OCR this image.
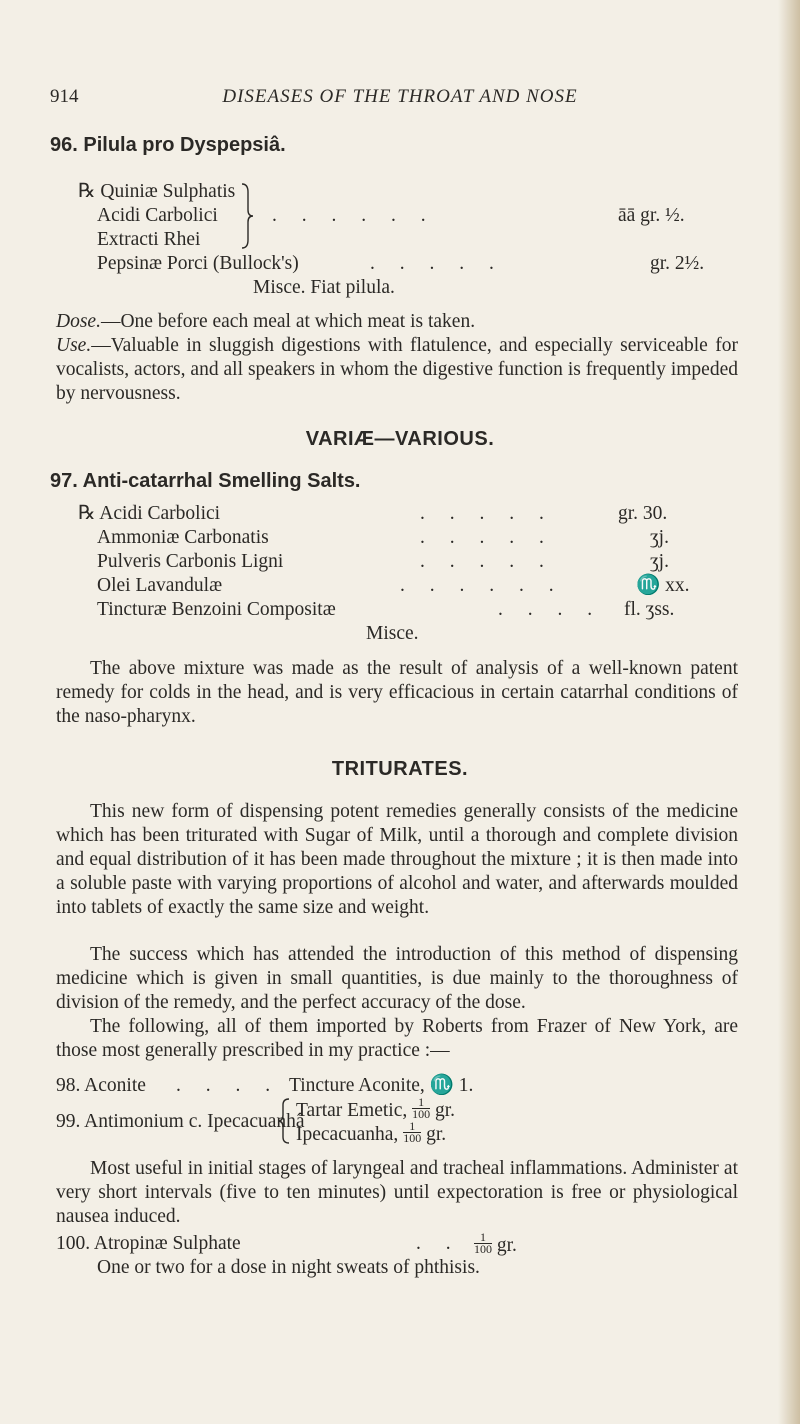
914	DISEASES OF THE THROAT AND NOSE
96. Pilula pro Dyspepsiâ.
℞ Quiniæ Sulphatis
Acidi Carbolici
Extracti Rhei
. . . . . .	āā gr. ½.
Pepsinæ Porci (Bullock's)	. . . . .	gr. 2½.
Misce. Fiat pilula.
Dose.—One before each meal at which meat is taken.
Use.—Valuable in sluggish digestions with flatulence, and especially serviceable for vocalists, actors, and all speakers in whom the digestive function is frequently impeded by nervousness.
VARIÆ—VARIOUS.
97. Anti-catarrhal Smelling Salts.
℞ Acidi Carbolici	. . . . .	gr. 30.
Ammoniæ Carbonatis	. . . . .	ʒj.
Pulveris Carbonis Ligni	. . . . .	ʒj.
Olei Lavandulæ	. . . . . .	♏ xx.
Tincturæ Benzoini Compositæ	. . . . fl. ʒss.
Misce.
The above mixture was made as the result of analysis of a well-known patent remedy for colds in the head, and is very efficacious in certain catarrhal conditions of the naso-pharynx.
TRITURATES.
This new form of dispensing potent remedies generally consists of the medicine which has been triturated with Sugar of Milk, until a thorough and complete division and equal distribution of it has been made throughout the mixture ; it is then made into a soluble paste with varying proportions of alcohol and water, and afterwards moulded into tablets of exactly the same size and weight.
The success which has attended the introduction of this method of dispensing medicine which is given in small quantities, is due mainly to the thoroughness of division of the remedy, and the perfect accuracy of the dose.
The following, all of them imported by Roberts from Frazer of New York, are those most generally prescribed in my practice :—
98. Aconite . . . . Tincture Aconite, ♏ 1.
99. Antimonium c. Ipecacuanhâ
Tartar Emetic, $\frac{1}{100}$ gr.
Ipecacuanha, $\frac{1}{100}$ gr.
Most useful in initial stages of laryngeal and tracheal inflammations. Administer at very short intervals (five to ten minutes) until expectoration is free or physiological nausea induced.
100. Atropinæ Sulphate	. . $\frac{1}{100}$ gr.
One or two for a dose in night sweats of phthisis.
